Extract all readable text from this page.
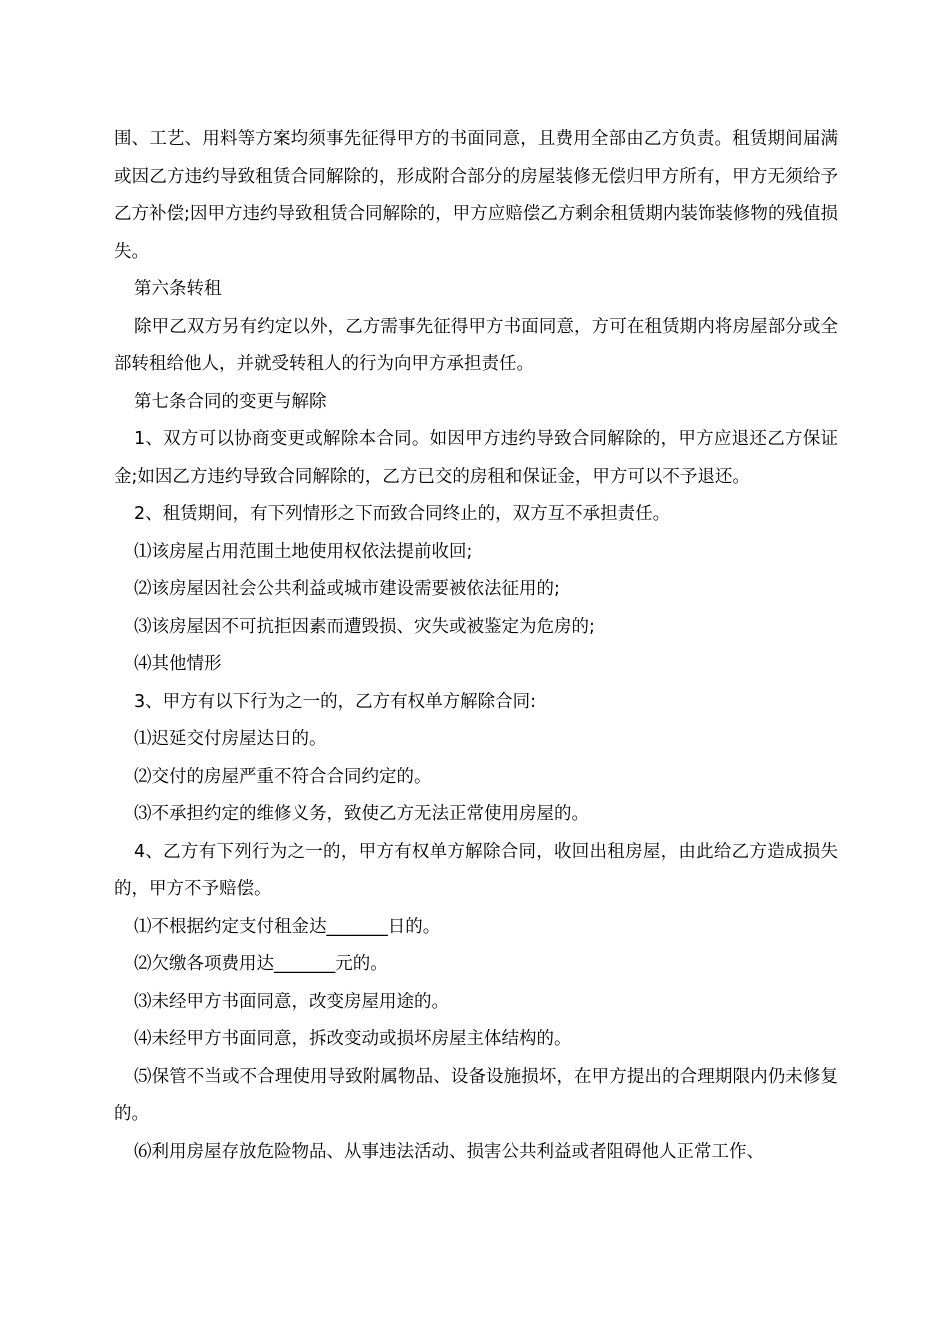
围、工艺、用料等方案均须事先征得甲方的书面同意，且费用全部由乙方负责。租赁期间届满或因乙方违约导致租赁合同解除的，形成附合部分的房屋装修无偿归甲方所有，甲方无须给予乙方补偿;因甲方违约导致租赁合同解除的，甲方应赔偿乙方剩余租赁期内装饰装修物的残值损失。

第六条转租

除甲乙双方另有约定以外，乙方需事先征得甲方书面同意，方可在租赁期内将房屋部分或全部转租给他人，并就受转租人的行为向甲方承担责任。

第七条合同的变更与解除

1、双方可以协商变更或解除本合同。如因甲方违约导致合同解除的，甲方应退还乙方保证金;如因乙方违约导致合同解除的，乙方已交的房租和保证金，甲方可以不予退还。

2、租赁期间，有下列情形之下而致合同终止的，双方互不承担责任。

⑴该房屋占用范围土地使用权依法提前收回;

⑵该房屋因社会公共利益或城市建设需要被依法征用的;

⑶该房屋因不可抗拒因素而遭毁损、灾失或被鉴定为危房的;

⑷其他情形

3、甲方有以下行为之一的，乙方有权单方解除合同:

⑴迟延交付房屋达日的。

⑵交付的房屋严重不符合合同约定的。

⑶不承担约定的维修义务，致使乙方无法正常使用房屋的。

4、乙方有下列行为之一的，甲方有权单方解除合同，收回出租房屋，由此给乙方造成损失的，甲方不予赔偿。

⑴不根据约定支付租金达_______日的。

⑵欠缴各项费用达_______元的。

⑶未经甲方书面同意，改变房屋用途的。

⑷未经甲方书面同意，拆改变动或损坏房屋主体结构的。

⑸保管不当或不合理使用导致附属物品、设备设施损坏，在甲方提出的合理期限内仍未修复的。

⑹利用房屋存放危险物品、从事违法活动、损害公共利益或者阻碍他人正常工作、
